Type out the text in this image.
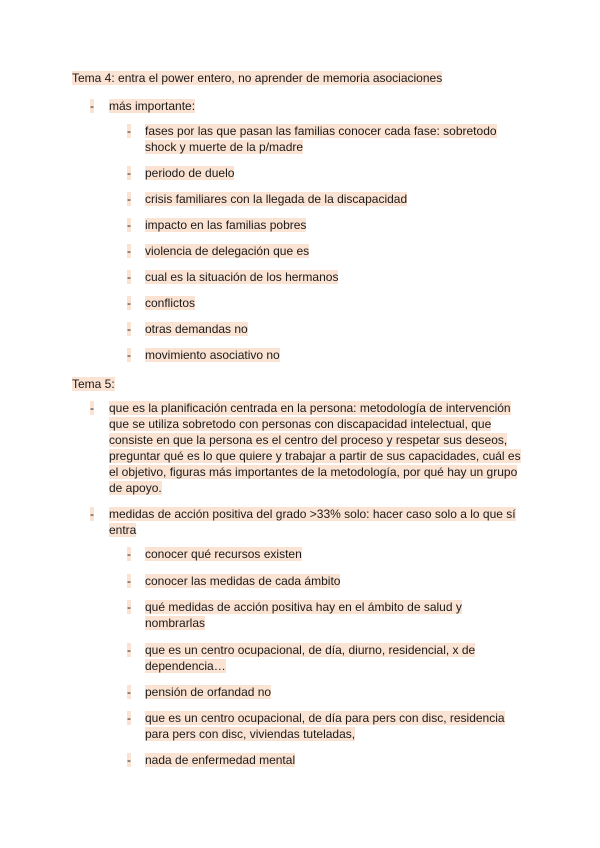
Tema 4: entra el power entero, no aprender de memoria asociaciones
- más importante:
- fases por las que pasan las familias conocer cada fase: sobretodo
shock y muerte de la p/madre
- periodo de duelo
- crisis familiares con la llegada de la discapacidad
- impacto en las familias pobres
- violencia de delegación que es
- cual es la situación de los hermanos
- conflictos
- otras demandas no
- movimiento asociativo no
Tema 5:
- que es la planificación centrada en la persona: metodología de intervención
que se utiliza sobretodo con personas con discapacidad intelectual, que
consiste en que la persona es el centro del proceso y respetar sus deseos,
preguntar qué es lo que quiere y trabajar a partir de sus capacidades, cuál es
el objetivo, figuras más importantes de la metodología, por qué hay un grupo
de apoyo.
- medidas de acción positiva del grado >33% solo: hacer caso solo a lo que sí
entra
- conocer qué recursos existen
- conocer las medidas de cada ámbito
- qué medidas de acción positiva hay en el ámbito de salud y
nombrarlas
- que es un centro ocupacional, de día, diurno, residencial, x de
dependencia…
- pensión de orfandad no
- que es un centro ocupacional, de día para pers con disc, residencia
para pers con disc, viviendas tuteladas,
- nada de enfermedad mental
